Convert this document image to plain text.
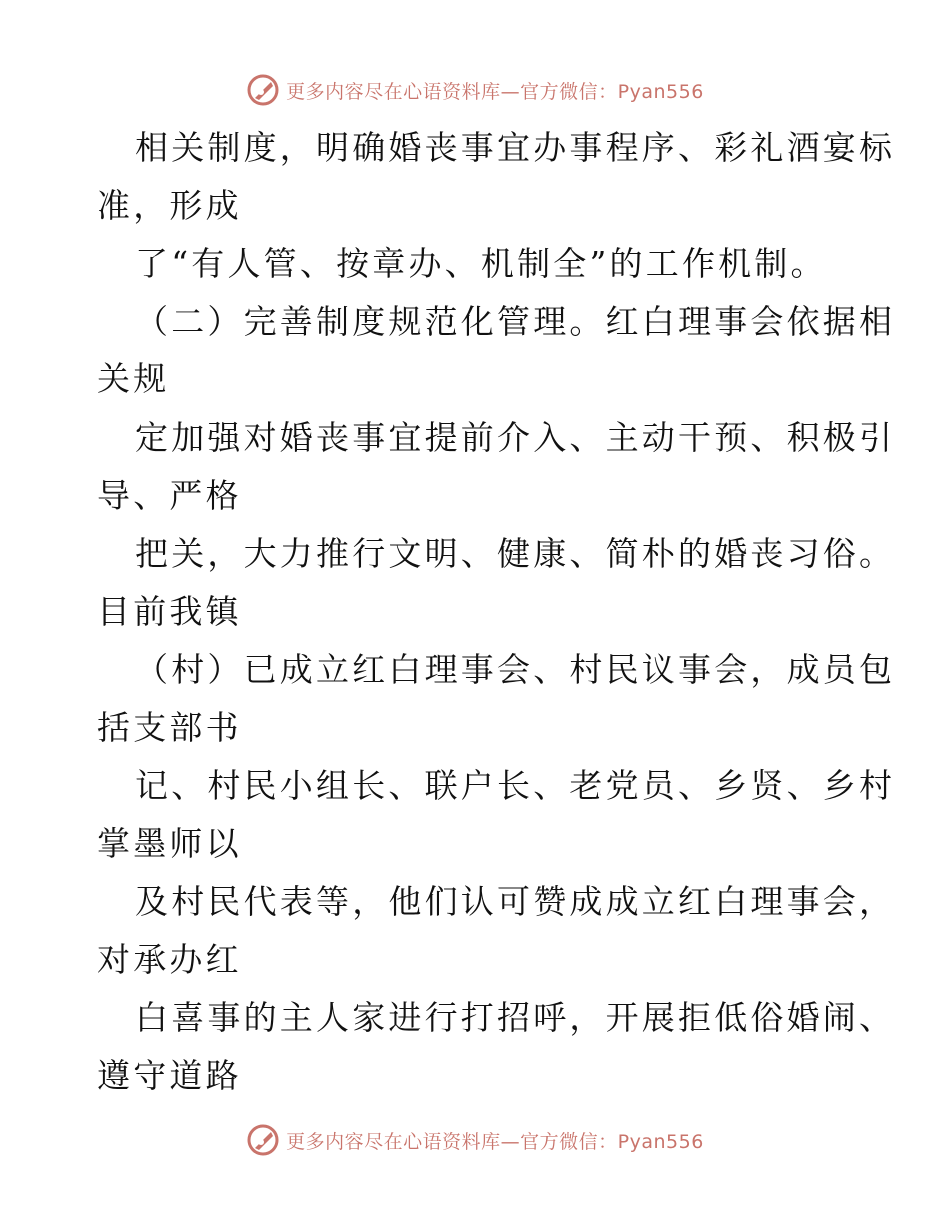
更多内容尽在心语资料库—官方微信：Pyan556
相关制度，明确婚丧事宜办事程序、彩礼酒宴标
准，形成
了“有人管、按章办、机制全”的工作机制。
（二）完善制度规范化管理。红白理事会依据相
关规
定加强对婚丧事宜提前介入、主动干预、积极引
导、严格
把关，大力推行文明、健康、简朴的婚丧习俗。
目前我镇
（村）已成立红白理事会、村民议事会，成员包
括支部书
记、村民小组长、联户长、老党员、乡贤、乡村
掌墨师以
及村民代表等，他们认可赞成成立红白理事会，
对承办红
白喜事的主人家进行打招呼，开展拒低俗婚闹、
遵守道路
更多内容尽在心语资料库—官方微信：Pyan556
